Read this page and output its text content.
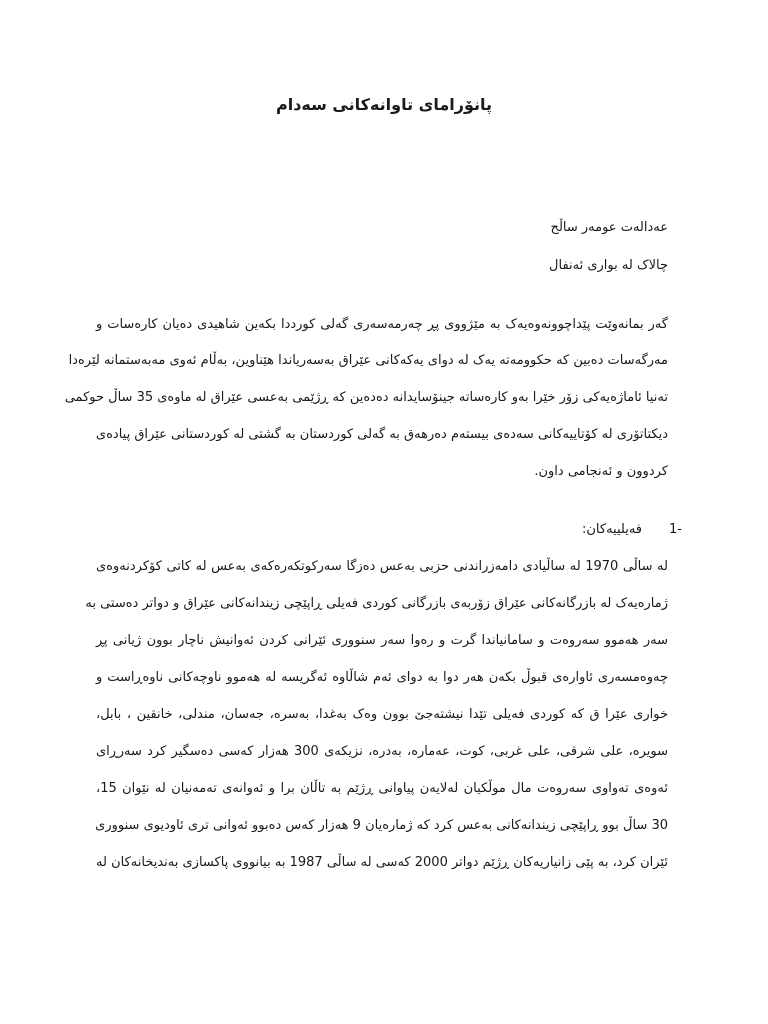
پانۆرامای تاوانەکانی سەدام
عەدالەت عومەر ساڵح
چالاک لە بواری ئەنفال
گەر بمانەوێت پێداچوونەوەیەک بە مێژووی پڕ چەرمەسەری گەلی کورددا بکەین شاهیدی دەیان کارەسات و
مەرگەسات دەبین کە حکوومەتە یەک لە دوای یەکەکانی عێراق بەسەریاندا هێناوین، بەڵام ئەوی مەبەستمانە لێرەدا
تەنیا ئاماژەیەکی زۆر خێرا بەو کارەساتە جینۆسایدانە دەدەین کە ڕژێمی بەعسی عێراق لە ماوەی 35 ساڵ حوکمی
دیکتاتۆری لە کۆتاییەکانی سەدەی بیستەم دەرهەق بە گەلی کوردستان بە گشتی لە کوردستانی عێراق پیادەی
کردوون و ئەنجامی داون.
-1
فەیلییەکان:
لە ساڵی 1970 لە ساڵیادی دامەزراندنی حزبی بەعس دەزگا سەرکوتکەرەکەی بەعس لە کاتی کۆکردنەوەی
ژمارەیەک لە بازرگانەکانی عێراق زۆربەی بازرگانی کوردی فەیلی ڕاپێچی زیندانەکانی عێراق و دواتر دەستی بە
سەر هەموو سەروەت و سامانیاندا گرت و رەوا سەر سنووری ئێرانی کردن ئەوانیش ناچار بوون ژیانی پڕ
چەوەمسەری ئاوارەی قبوڵ بکەن هەر دوا بە دوای ئەم شاڵاوە ئەگریسە لە هەموو ناوچەکانی ناوەڕاست و
خواری عێرا ق کە کوردی فەیلی تێدا نیشتەجێ بوون وەک بەغدا، بەسرە، جەسان، مندلی، خانقین ، بابل،
سویرە، علی شرقی، علی غربی، کوت، عەمارە، بەدرە، نزیکەی 300 هەزار کەسی دەسگیر کرد سەرڕای
ئەوەی تەواوی سەروەت مال موڵکیان لەلایەن پیاوانی ڕژێم بە تاڵان برا و ئەوانەی تەمەنیان لە نێوان 15،
30 ساڵ بوو ڕاپێچی زیندانەکانی بەعس کرد کە ژمارەیان 9 هەزار کەس دەبوو ئەوانی تری ئاودیوی سنووری
ئێران کرد، بە پێی زانیاریەکان ڕژێم دواتر 2000 کەسی لە ساڵی 1987 بە بیانووی پاکسازی بەندیخانەکان لە
